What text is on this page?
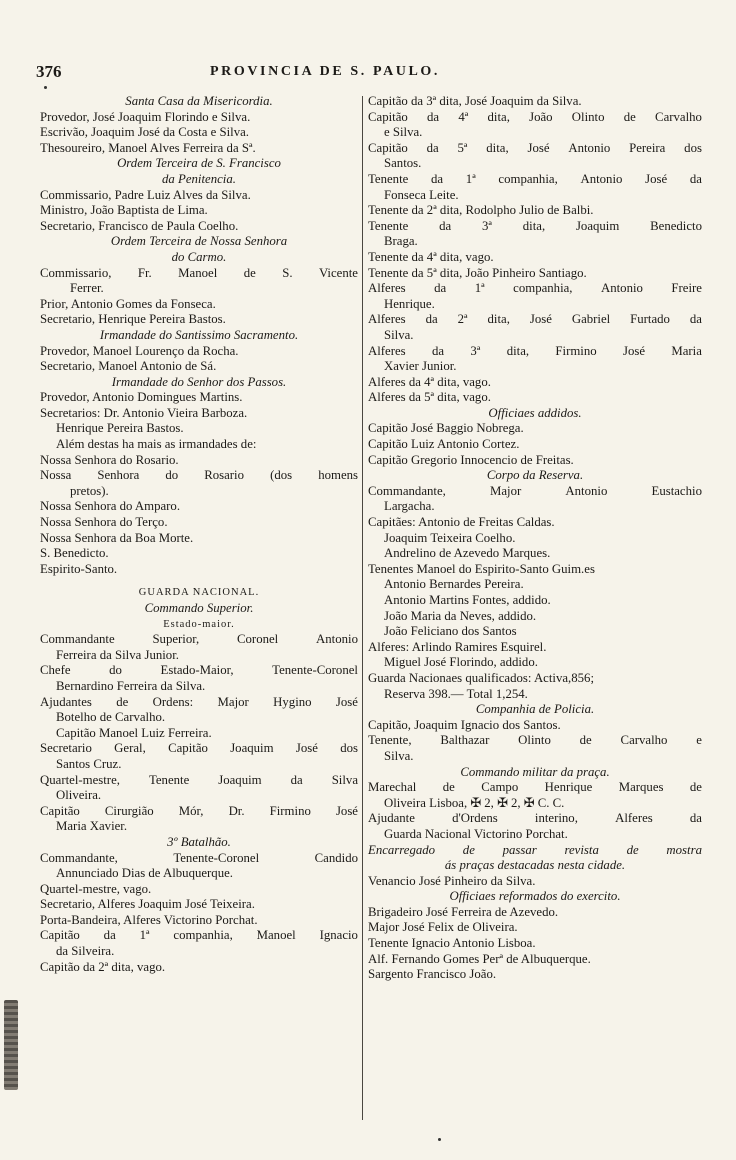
376	PROVINCIA DE S. PAULO.
Santa Casa da Misericordia.
Provedor, José Joaquim Florindo e Silva.
Escrivão, Joaquim José da Costa e Silva.
Thesoureiro, Manoel Alves Ferreira da Sª.
Ordem Terceira de S. Francisco
da Penitencia.
Commissario, Padre Luiz Alves da Silva.
Ministro, João Baptista de Lima.
Secretario, Francisco de Paula Coelho.
Ordem Terceira de Nossa Senhora
do Carmo.
Commissario, Fr. Manoel de S. Vicente
Ferrer.
Prior, Antonio Gomes da Fonseca.
Secretario, Henrique Pereira Bastos.
Irmandade do Santissimo Sacramento.
Provedor, Manoel Lourenço da Rocha.
Secretario, Manoel Antonio de Sá.
Irmandade do Senhor dos Passos.
Provedor, Antonio Domingues Martins.
Secretarios: Dr. Antonio Vieira Barboza.
Henrique Pereira Bastos.
Além destas ha mais as irmandades de:
Nossa Senhora do Rosario.
Nossa Senhora do Rosario (dos homens
pretos).
Nossa Senhora do Amparo.
Nossa Senhora do Terço.
Nossa Senhora da Boa Morte.
S. Benedicto.
Espirito-Santo.
GUARDA NACIONAL.
Commando Superior.
Estado-maior.
Commandante	Superior,	Coronel	Antonio
Ferreira da Silva Junior.
Chefe	do	Estado-Maior,	Tenente-Coronel
Bernardino Ferreira da Silva.
Ajudantes de Ordens: Major Hygino José
Botelho de Carvalho.
Capitão Manoel Luiz Ferreira.
Secretario Geral, Capitão Joaquim José dos
Santos Cruz.
Quartel-mestre, Tenente Joaquim da Silva
Oliveira.
Capitão Cirurgião Mór, Dr. Firmino José
Maria Xavier.
3º Batalhão.
Commandante,	Tenente-Coronel	Candido
Annunciado Dias de Albuquerque.
Quartel-mestre, vago.
Secretario, Alferes Joaquim José Teixeira.
Porta-Bandeira, Alferes Victorino Porchat.
Capitão da 1ª companhia, Manoel Ignacio
da Silveira.
Capitão da 2ª dita, vago.
Capitão da 3ª dita, José Joaquim da Silva.
Capitão da 4ª dita, João Olinto de Carvalho
e Silva.
Capitão da 5ª dita, José Antonio Pereira dos
Santos.
Tenente da 1ª companhia, Antonio José da
Fonseca Leite.
Tenente da 2ª dita, Rodolpho Julio de Balbi.
Tenente da 3ª dita, Joaquim Benedicto
Braga.
Tenente da 4ª dita, vago.
Tenente da 5ª dita, João Pinheiro Santiago.
Alferes da 1ª companhia, Antonio Freire
Henrique.
Alferes da 2ª dita, José Gabriel Furtado da
Silva.
Alferes da 3ª dita, Firmino José Maria
Xavier Junior.
Alferes da 4ª dita, vago.
Alferes da 5ª dita, vago.
Officiaes addidos.
Capitão José Baggio Nobrega.
Capitão Luiz Antonio Cortez.
Capitão Gregorio Innocencio de Freitas.
Corpo da Reserva.
Commandante,	Major	Antonio	Eustachio
Largacha.
Capitães: Antonio de Freitas Caldas.
Joaquim Teixeira Coelho.
Andrelino de Azevedo Marques.
Tenentes Manoel do Espirito-Santo Guim.es
Antonio Bernardes Pereira.
Antonio Martins Fontes, addido.
João Maria da Neves, addido.
João Feliciano dos Santos
Alferes: Arlindo Ramires Esquirel.
Miguel José Florindo, addido.
Guarda Nacionaes qualificados: Activa,856;
Reserva 398.— Total 1,254.
Companhia de Policia.
Capitão, Joaquim Ignacio dos Santos.
Tenente, Balthazar Olinto de Carvalho e
Silva.
Commando militar da praça.
Marechal de Campo Henrique Marques de
Oliveira Lisboa, ✠ 2, ✠ 2, ✠ C. C.
Ajudante	d'Ordens	interino,	Alferes	da
Guarda Nacional Victorino Porchat.
Encarregado de passar revista de mostra
ás praças destacadas nesta cidade.
Venancio José Pinheiro da Silva.
Officiaes reformados do exercito.
Brigadeiro José Ferreira de Azevedo.
Major José Felix de Oliveira.
Tenente Ignacio Antonio Lisboa.
Alf. Fernando Gomes Perª de Albuquerque.
Sargento Francisco João.
